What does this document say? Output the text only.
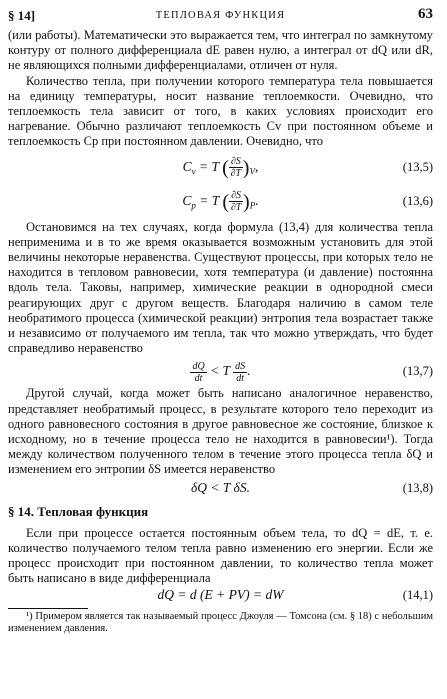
§ 14]	ТЕПЛОВАЯ ФУНКЦИЯ	63

(или работы). Математически это выражается тем, что интеграл по замкнутому контуру от полного дифференциала dE равен нулю, а интеграл от dQ или dR, не являющихся полными дифференциалами, отличен от нуля.

Количество тепла, при получении которого температура тела повышается на единицу температуры, носит название теплоемкости. Очевидно, что теплоемкость тела зависит от того, в каких условиях происходит его нагревание. Обычно различают теплоемкость Cv при постоянном объеме и теплоемкость Cp при постоянном давлении. Очевидно, что

$C_v = T$ ( $\frac{\partial S}{\partial T} )_V$,	(13,5)
$C_p = T$ ( $\frac{\partial S}{\partial T} )_P$.	(13,6)

Остановимся на тех случаях, когда формула (13,4) для количества тепла неприменима и в то же время оказывается возможным установить для этой величины некоторые неравенства. Существуют процессы, при которых тело не находится в тепловом равновесии, хотя температура (и давление) постоянна вдоль тела. Таковы, например, химические реакции в однородной смеси реагирующих друг с другом веществ. Благодаря наличию в самом теле необратимого процесса (химической реакции) энтропия тела возрастает также и независимо от получаемого им тепла, так что можно утверждать, что будет справедливо неравенство

$\frac{dQ}{dt} < T \frac{dS}{dt}$ .	(13,7)

Другой случай, когда может быть написано аналогичное неравенство, представляет необратимый процесс, в результате которого тело переходит из одного равновесного состояния в другое равновесное же состояние, близкое к исходному, но в течение процесса тело не находится в равновесии¹). Тогда между количеством полученного телом в течение этого процесса тепла δQ и изменением его энтропии δS имеется неравенство

δQ < T δS.	(13,8)

§ 14. Тепловая функция

Если при процессе остается постоянным объем тела, то dQ = dE, т. е. количество получаемого телом тепла равно изменению его энергии. Если же процесс происходит при постоянном давлении, то количество тепла может быть написано в виде дифференциала

dQ = d (E + PV) = dW	(14,1)

¹) Примером является так называемый процесс Джоуля — Томсона (см. § 18) с небольшим изменением давления.
